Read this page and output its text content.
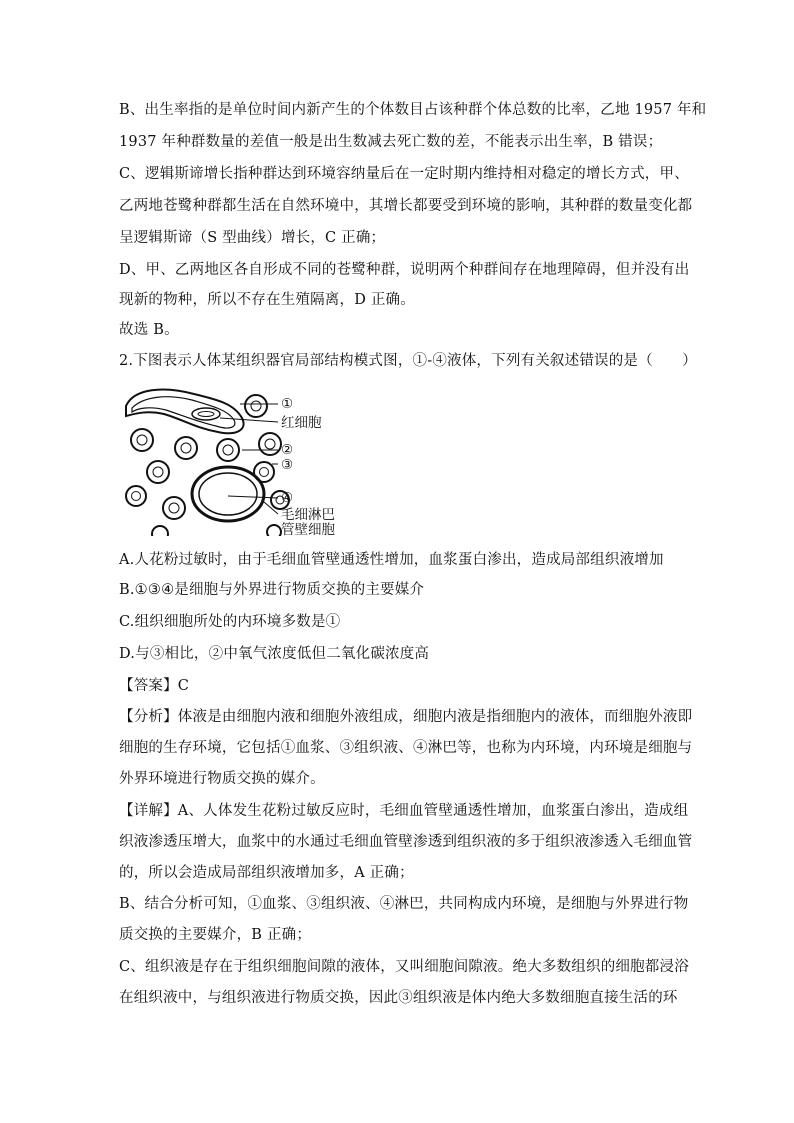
B、出生率指的是单位时间内新产生的个体数目占该种群个体总数的比率，乙地 1957 年和
1937 年种群数量的差值一般是出生数减去死亡数的差，不能表示出生率，B 错误；
C、逻辑斯谛增长指种群达到环境容纳量后在一定时期内维持相对稳定的增长方式，甲、
乙两地苍鹭种群都生活在自然环境中，其增长都要受到环境的影响，其种群的数量变化都
呈逻辑斯谛（S 型曲线）增长，C 正确；
D、甲、乙两地区各自形成不同的苍鹭种群，说明两个种群间存在地理障碍，但并没有出
现新的物种，所以不存在生殖隔离，D 正确。
故选 B。
2.下图表示人体某组织器官局部结构模式图，①-④液体，下列有关叙述错误的是（　　）
①
红细胞
②
③
④
毛细淋巴
管壁细胞
A.人花粉过敏时，由于毛细血管壁通透性增加，血浆蛋白渗出，造成局部组织液增加
B.①③④是细胞与外界进行物质交换的主要媒介
C.组织细胞所处的内环境多数是①
D.与③相比，②中氧气浓度低但二氧化碳浓度高
【答案】C
【分析】体液是由细胞内液和细胞外液组成，细胞内液是指细胞内的液体，而细胞外液即
细胞的生存环境，它包括①血浆、③组织液、④淋巴等，也称为内环境，内环境是细胞与
外界环境进行物质交换的媒介。
【详解】A、人体发生花粉过敏反应时，毛细血管壁通透性增加，血浆蛋白渗出，造成组
织液渗透压增大，血浆中的水通过毛细血管壁渗透到组织液的多于组织液渗透入毛细血管
的，所以会造成局部组织液增加多，A 正确；
B、结合分析可知，①血浆、③组织液、④淋巴，共同构成内环境，是细胞与外界进行物
质交换的主要媒介，B 正确；
C、组织液是存在于组织细胞间隙的液体，又叫细胞间隙液。绝大多数组织的细胞都浸浴
在组织液中，与组织液进行物质交换，因此③组织液是体内绝大多数细胞直接生活的环
